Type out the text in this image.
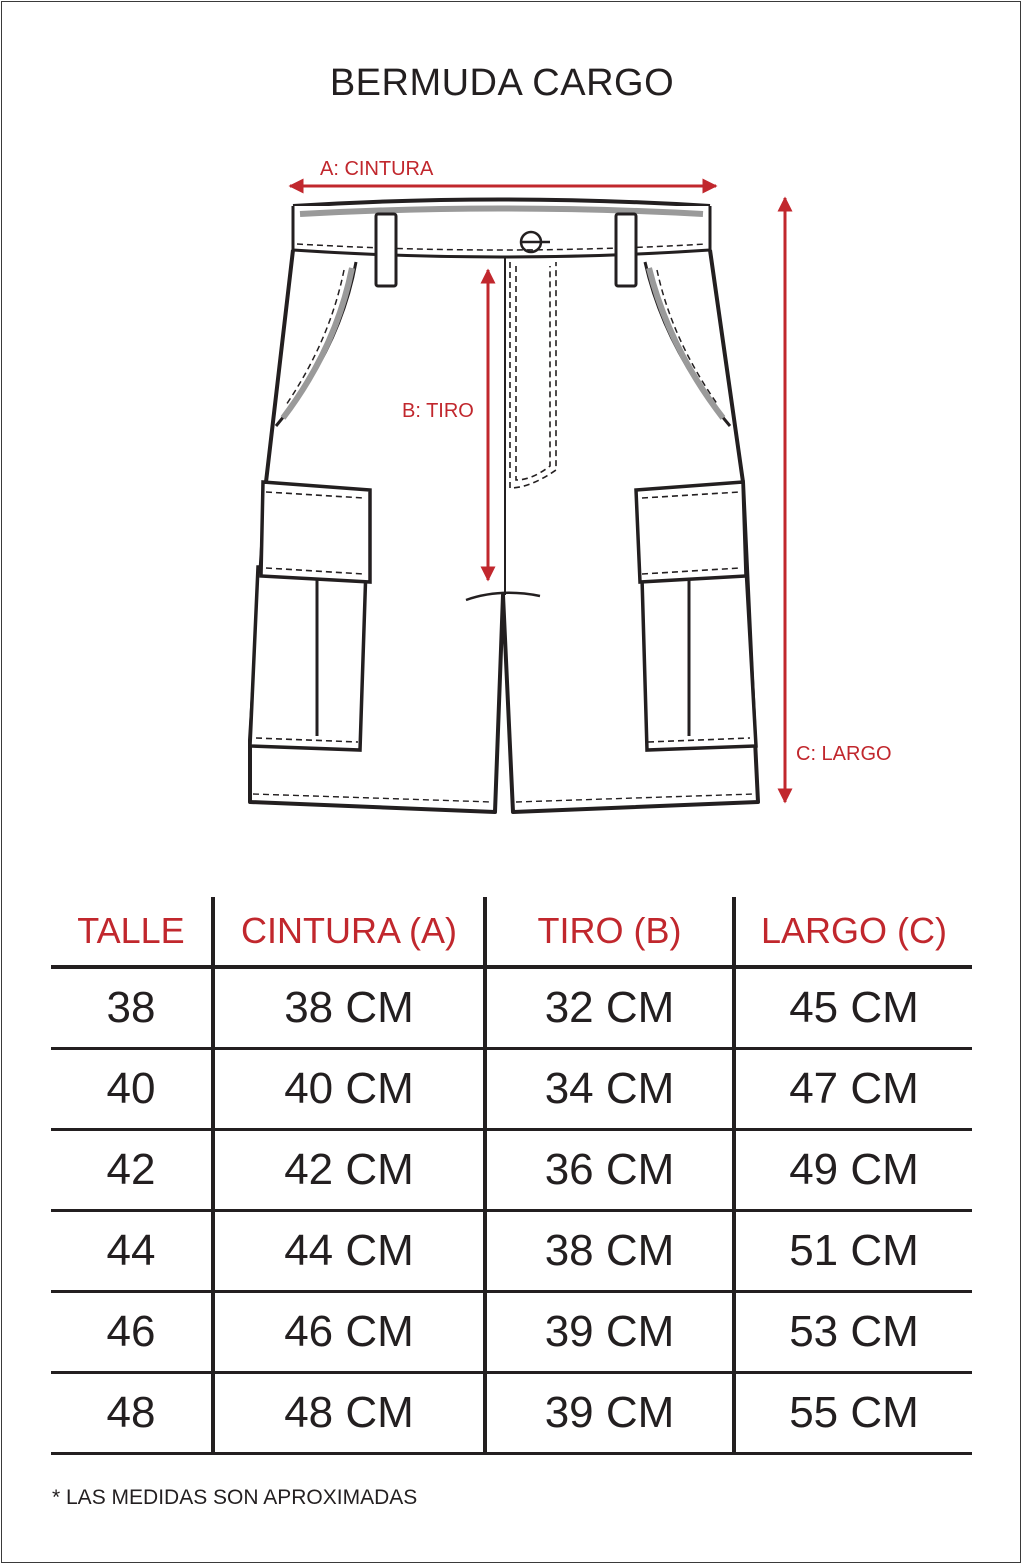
BERMUDA CARGO
A: CINTURA
B: TIRO
C: LARGO
TALLE	CINTURA (A)	TIRO (B)	LARGO (C)
38	38 CM	32 CM	45 CM
40	40 CM	34 CM	47 CM
42	42 CM	36 CM	49 CM
44	44 CM	38 CM	51 CM
46	46 CM	39 CM	53 CM
48	48 CM	39 CM	55 CM
* LAS MEDIDAS SON APROXIMADAS
